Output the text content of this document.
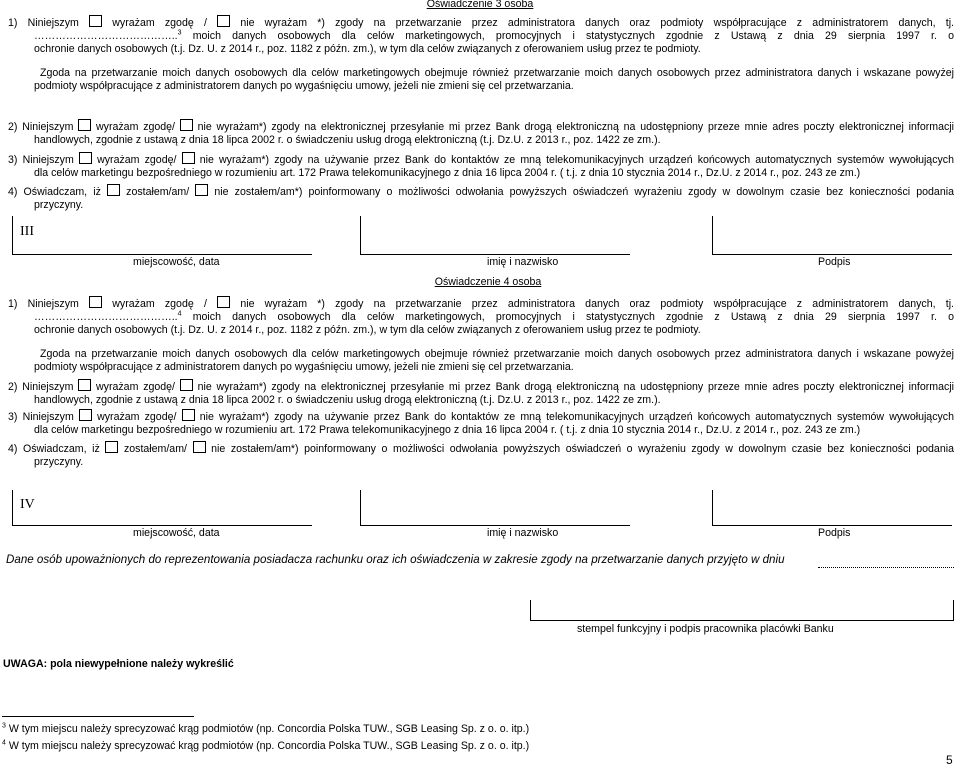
Oświadczenie 3 osoba
1) Niniejszym	wyrażam zgodę /	nie wyrażam *) zgody na przetwarzanie przez administratora danych oraz podmioty współpracujące z administratorem danych, tj.
…………………………………..$^3$ moich danych osobowych dla celów marketingowych, promocyjnych i statystycznych zgodnie z Ustawą z dnia 29 sierpnia 1997 r. o
ochronie danych osobowych (t.j. Dz. U. z 2014 r., poz. 1182 z późn. zm.), w tym dla celów związanych z oferowaniem usług przez te podmioty.
Zgoda na przetwarzanie moich danych osobowych dla celów marketingowych obejmuje również przetwarzanie moich danych osobowych przez administratora danych i wskazane powyżej
podmioty współpracujące z administratorem danych po wygaśnięciu umowy, jeżeli nie zmieni się cel przetwarzania.
2) Niniejszym wyrażam zgodę/ nie wyrażam*) zgody na elektronicznej przesyłanie mi przez Bank drogą elektroniczną na udostępniony przeze mnie adres poczty elektronicznej informacji
handlowych, zgodnie z ustawą z dnia 18 lipca 2002 r. o świadczeniu usług drogą elektroniczną (t.j. Dz.U. z 2013 r., poz. 1422 ze zm.).
3) Niniejszym wyrażam zgodę/ nie wyrażam*) zgody na używanie przez Bank do kontaktów ze mną telekomunikacyjnych urządzeń końcowych automatycznych systemów wywołujących
dla celów marketingu bezpośredniego w rozumieniu art. 172 Prawa telekomunikacyjnego z dnia 16 lipca 2004 r. ( t.j. z dnia 10 stycznia 2014 r., Dz.U. z 2014 r., poz. 243 ze zm.)
4) Oświadczam, iż zostałem/am/ nie zostałem/am*) poinformowany o możliwości odwołania powyższych oświadczeń wyrażeniu zgody w dowolnym czasie bez konieczności podania
przyczyny.
III
miejscowość, data	imię i nazwisko	Podpis
Oświadczenie 4 osoba
1) Niniejszym	wyrażam zgodę /	nie wyrażam *) zgody na przetwarzanie przez administratora danych oraz podmioty współpracujące z administratorem danych, tj.
…………………………………..$^4$ moich danych osobowych dla celów marketingowych, promocyjnych i statystycznych zgodnie z Ustawą z dnia 29 sierpnia 1997 r. o
ochronie danych osobowych (t.j. Dz. U. z 2014 r., poz. 1182 z późn. zm.), w tym dla celów związanych z oferowaniem usług przez te podmioty.
Zgoda na przetwarzanie moich danych osobowych dla celów marketingowych obejmuje również przetwarzanie moich danych osobowych przez administratora danych i wskazane powyżej
podmioty współpracujące z administratorem danych po wygaśnięciu umowy, jeżeli nie zmieni się cel przetwarzania.
2) Niniejszym wyrażam zgodę/ nie wyrażam*) zgody na elektronicznej przesyłanie mi przez Bank drogą elektroniczną na udostępniony przeze mnie adres poczty elektronicznej informacji
handlowych, zgodnie z ustawą z dnia 18 lipca 2002 r. o świadczeniu usług drogą elektroniczną (t.j. Dz.U. z 2013 r., poz. 1422 ze zm.).
3) Niniejszym wyrażam zgodę/ nie wyrażam*) zgody na używanie przez Bank do kontaktów ze mną telekomunikacyjnych urządzeń końcowych automatycznych systemów wywołujących
dla celów marketingu bezpośredniego w rozumieniu art. 172 Prawa telekomunikacyjnego z dnia 16 lipca 2004 r. ( t.j. z dnia 10 stycznia 2014 r., Dz.U. z 2014 r., poz. 243 ze zm.)
4) Oświadczam, iż zostałem/am/ nie zostałem/am*) poinformowany o możliwości odwołania powyższych oświadczeń o wyrażeniu zgody w dowolnym czasie bez konieczności podania
przyczyny.
IV
miejscowość, data	imię i nazwisko	Podpis
Dane osób upoważnionych do reprezentowania posiadacza rachunku oraz ich oświadczenia w zakresie zgody na przetwarzanie danych przyjęto w dniu
stempel funkcyjny i podpis pracownika placówki Banku
UWAGA: pola niewypełnione należy wykreślić
$^3$ W tym miejscu należy sprecyzować krąg podmiotów (np. Concordia Polska TUW., SGB Leasing Sp. z o. o. itp.)
$^4$ W tym miejscu należy sprecyzować krąg podmiotów (np. Concordia Polska TUW., SGB Leasing Sp. z o. o. itp.)
5
